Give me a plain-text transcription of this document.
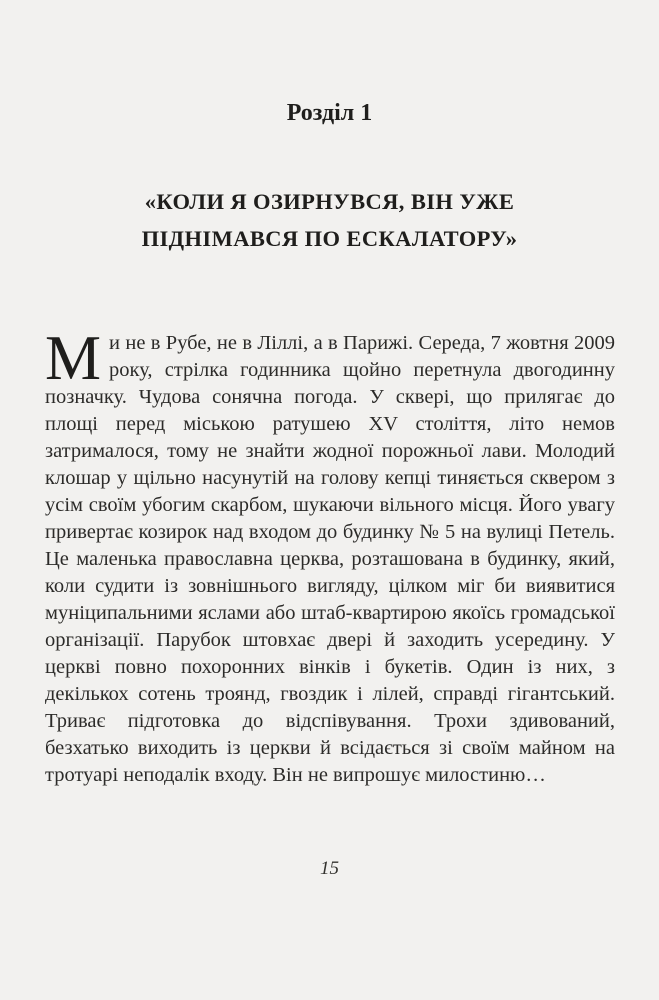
Розділ 1
«КОЛИ Я ОЗИРНУВСЯ, ВІН УЖЕ
ПІДНІМАВСЯ ПО ЕСКАЛАТОРУ»

Ми не в Рубе, не в Ліллі, а в Парижі. Середа, 7 жовтня 2009 року, стрілка годинника щойно перетнула двогодинну позначку. Чудова сонячна погода. У сквері, що прилягає до площі перед міською ратушею XV століття, літо немов затрималося, тому не знайти жодної порожньої лави. Молодий клошар у щільно насунутій на голову кепці тиняється сквером з усім своїм убогим скарбом, шукаючи вільного місця. Його увагу привертає козирок над входом до будинку № 5 на вулиці Петель. Це маленька православна церква, розташована в будинку, який, коли судити із зовнішнього вигляду, цілком міг би виявитися муніципальними яслами або штаб-квартирою якоїсь громадської організації. Парубок штовхає двері й заходить усередину. У церкві повно похоронних вінків і букетів. Один із них, з декількох сотень троянд, гвоздик і лілей, справді гігантський. Триває підготовка до відспівування. Трохи здивований, безхатько виходить із церкви й всідається зі своїм майном на тротуарі неподалік входу. Він не випрошує милостиню…

15
